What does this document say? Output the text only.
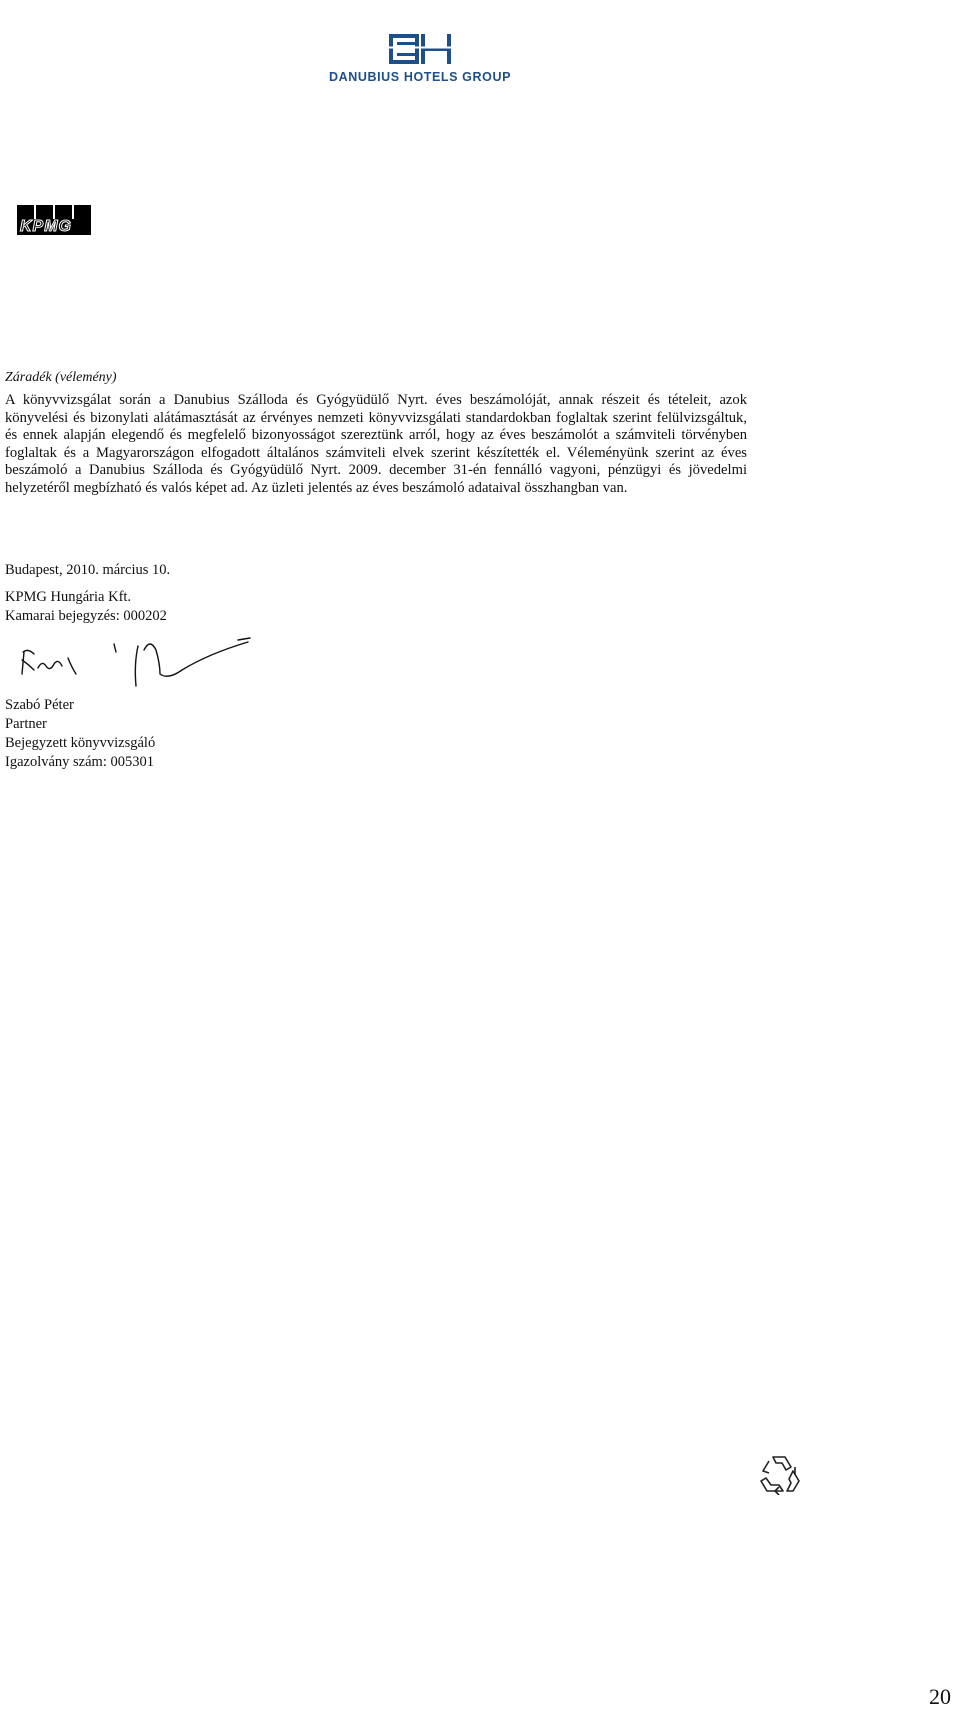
DANUBIUS HOTELS GROUP
KPMG
Záradék (vélemény)

A könyvvizsgálat során a Danubius Szálloda és Gyógyüdülő Nyrt. éves beszámolóját, annak részeit és tételeit, azok könyvelési és bizonylati alátámasztását az érvényes nemzeti könyvvizsgálati standardokban foglaltak szerint felülvizsgáltuk, és ennek alapján elegendő és megfelelő bizonyosságot szereztünk arról, hogy az éves beszámolót a számviteli törvényben foglaltak és a Magyarországon elfogadott általános számviteli elvek szerint készítették el. Véleményünk szerint az éves beszámoló a Danubius Szálloda és Gyógyüdülő Nyrt. 2009. december 31-én fennálló vagyoni, pénzügyi és jövedelmi helyzetéről megbízható és valós képet ad. Az üzleti jelentés az éves beszámoló adataival összhangban van.

Budapest, 2010. március 10.
KPMG Hungária Kft.
Kamarai bejegyzés: 000202
Szabó Péter
Partner
Bejegyzett könyvvizsgáló
Igazolvány szám: 005301
20
